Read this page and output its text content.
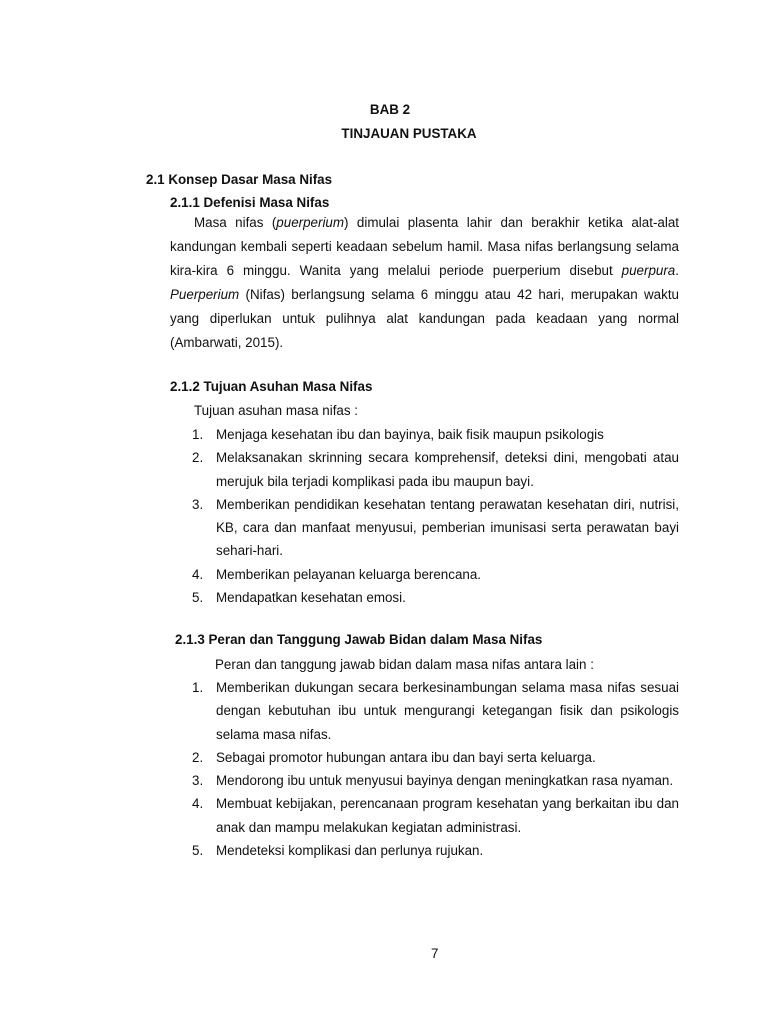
BAB 2
TINJAUAN PUSTAKA
2.1 Konsep Dasar Masa Nifas
2.1.1 Defenisi Masa Nifas

Masa nifas (puerperium) dimulai plasenta lahir dan berakhir ketika alat-alat kandungan kembali seperti keadaan sebelum hamil. Masa nifas berlangsung selama kira-kira 6 minggu. Wanita yang melalui periode puerperium disebut puerpura. Puerperium (Nifas) berlangsung selama 6 minggu atau 42 hari, merupakan waktu yang diperlukan untuk pulihnya alat kandungan pada keadaan yang normal (Ambarwati, 2015).

2.1.2 Tujuan Asuhan Masa Nifas

Tujuan asuhan masa nifas :

1. Menjaga kesehatan ibu dan bayinya, baik fisik maupun psikologis
2. Melaksanakan skrinning secara komprehensif, deteksi dini, mengobati atau merujuk bila terjadi komplikasi pada ibu maupun bayi.
3. Memberikan pendidikan kesehatan tentang perawatan kesehatan diri, nutrisi, KB, cara dan manfaat menyusui, pemberian imunisasi serta perawatan bayi sehari-hari.
4. Memberikan pelayanan keluarga berencana.
5. Mendapatkan kesehatan emosi.
2.1.3 Peran dan Tanggung Jawab Bidan dalam Masa Nifas

Peran dan tanggung jawab bidan dalam masa nifas antara lain :

1. Memberikan dukungan secara berkesinambungan selama masa nifas sesuai dengan kebutuhan ibu untuk mengurangi ketegangan fisik dan psikologis selama masa nifas.
2. Sebagai promotor hubungan antara ibu dan bayi serta keluarga.
3. Mendorong ibu untuk menyusui bayinya dengan meningkatkan rasa nyaman.
4. Membuat kebijakan, perencanaan program kesehatan yang berkaitan ibu dan anak dan mampu melakukan kegiatan administrasi.
5. Mendeteksi komplikasi dan perlunya rujukan.

7
